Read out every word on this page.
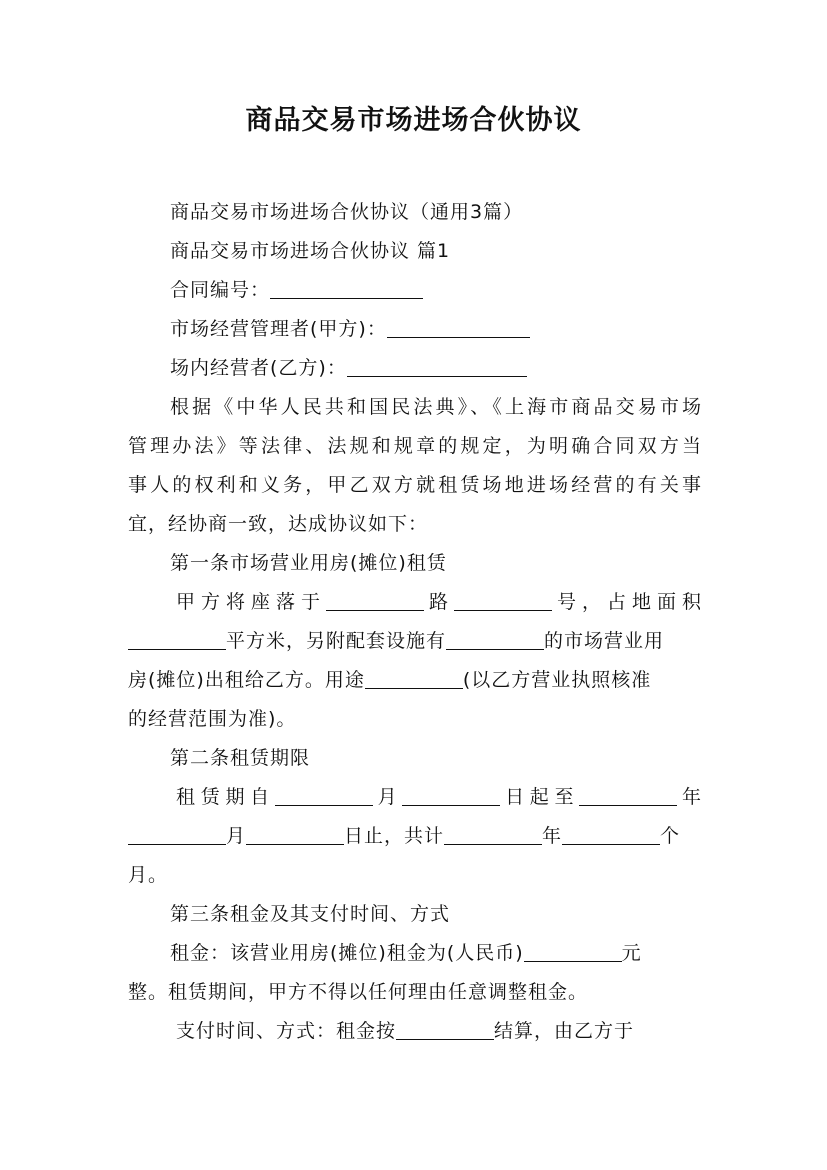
商品交易市场进场合伙协议
商品交易市场进场合伙协议（通用3篇）
商品交易市场进场合伙协议 篇1
合同编号：
市场经营管理者(甲方)：
场内经营者(乙方)：
根据《中华人民共和国民法典》、《上海市商品交易市场
管理办法》等法律、法规和规章的规定，为明确合同双方当
事人的权利和义务，甲乙双方就租赁场地进场经营的有关事
宜，经协商一致，达成协议如下：
第一条市场营业用房(摊位)租赁
甲方将座落于	路	号，占地面积
平方米，另附配套设施有	的市场营业用
房(摊位)出租给乙方。用途	(以乙方营业执照核准
的经营范围为准)。
第二条租赁期限
租赁期自	月	日起至	年
月	日止，共计	年	个
月。
第三条租金及其支付时间、方式
租金：该营业用房(摊位)租金为(人民币)	元
整。租赁期间，甲方不得以任何理由任意调整租金。
支付时间、方式：租金按	结算，由乙方于
